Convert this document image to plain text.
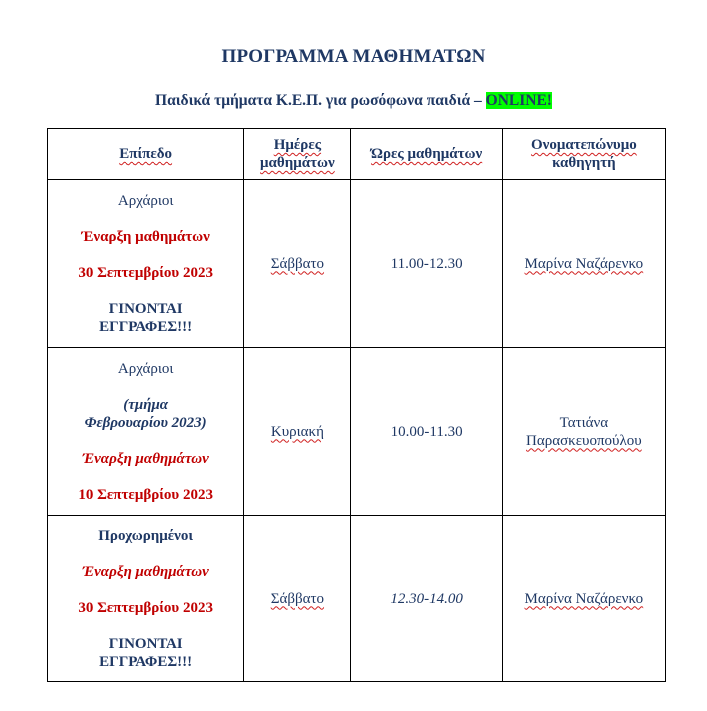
ΠΡΟΓΡΑΜΜΑ ΜΑΘΗΜΑΤΩΝ
Παιδικά τμήματα Κ.Ε.Π. για ρωσόφωνα παιδιά – ONLINE!
Επίπεδο	Ημέρες
μαθημάτων	Ώρες μαθημάτων	Ονοματεπώνυμο
καθηγητή

Αρχάριοι
Έναρξη μαθημάτων
30 Σεπτεμβρίου 2023
ΓΙΝΟΝΤΑΙ
ΕΓΓΡΑΦΕΣ!!!	Σάββατο	11.00-12.30	Μαρίνα Ναζάρενκο

Αρχάριοι
(τμήμα
Φεβρουαρίου 2023)
Έναρξη μαθημάτων
10 Σεπτεμβρίου 2023	Κυριακή	10.00-11.30	Τατιάνα
Παρασκευοπούλου

Προχωρημένοι
Έναρξη μαθημάτων
30 Σεπτεμβρίου 2023
ΓΙΝΟΝΤΑΙ
ΕΓΓΡΑΦΕΣ!!!	Σάββατο	12.30-14.00	Μαρίνα Ναζάρενκο
